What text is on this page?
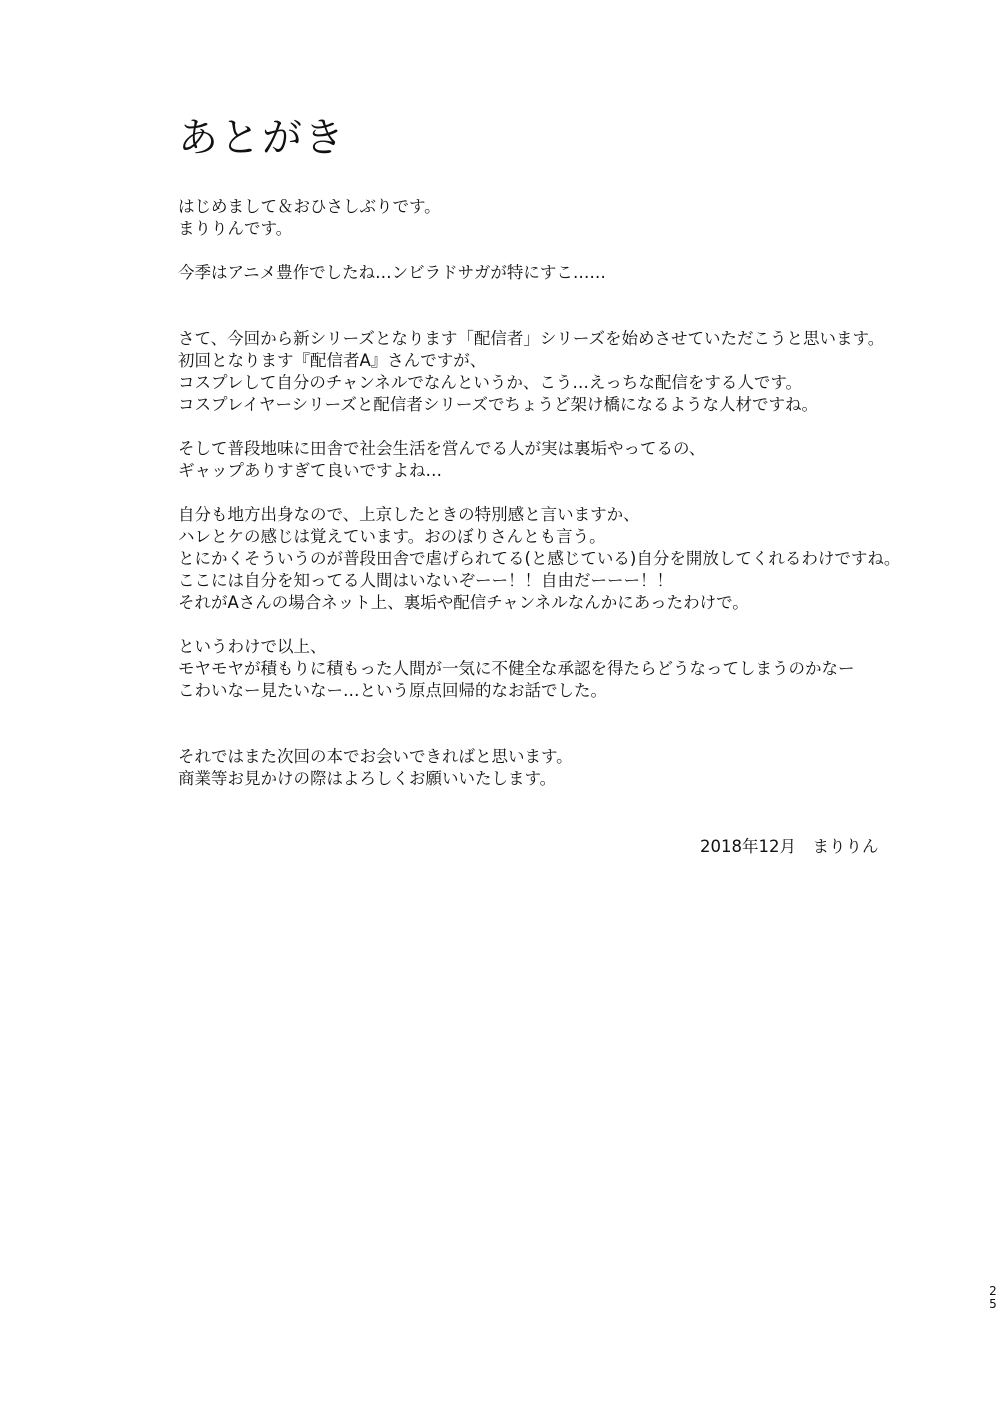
あとがき

はじめまして＆おひさしぶりです。
まりりんです。

今季はアニメ豊作でしたね…ンビラドサガが特にすこ……

さて、今回から新シリーズとなります「配信者」シリーズを始めさせていただこうと思います。
初回となります『配信者A』さんですが、
コスプレして自分のチャンネルでなんというか、こう…えっちな配信をする人です。
コスプレイヤーシリーズと配信者シリーズでちょうど架け橋になるような人材ですね。

そして普段地味に田舎で社会生活を営んでる人が実は裏垢やってるの、
ギャップありすぎて良いですよね…

自分も地方出身なので、上京したときの特別感と言いますか、
ハレとケの感じは覚えています。おのぼりさんとも言う。
とにかくそういうのが普段田舎で虐げられてる(と感じている)自分を開放してくれるわけですね。
ここには自分を知ってる人間はいないぞーー！！自由だーーー！！
それがAさんの場合ネット上、裏垢や配信チャンネルなんかにあったわけで。

というわけで以上、
モヤモヤが積もりに積もった人間が一気に不健全な承認を得たらどうなってしまうのかなー
こわいなー見たいなー…という原点回帰的なお話でした。

それではまた次回の本でお会いできればと思います。
商業等お見かけの際はよろしくお願いいたします。

2018年12月　まりりん
25
